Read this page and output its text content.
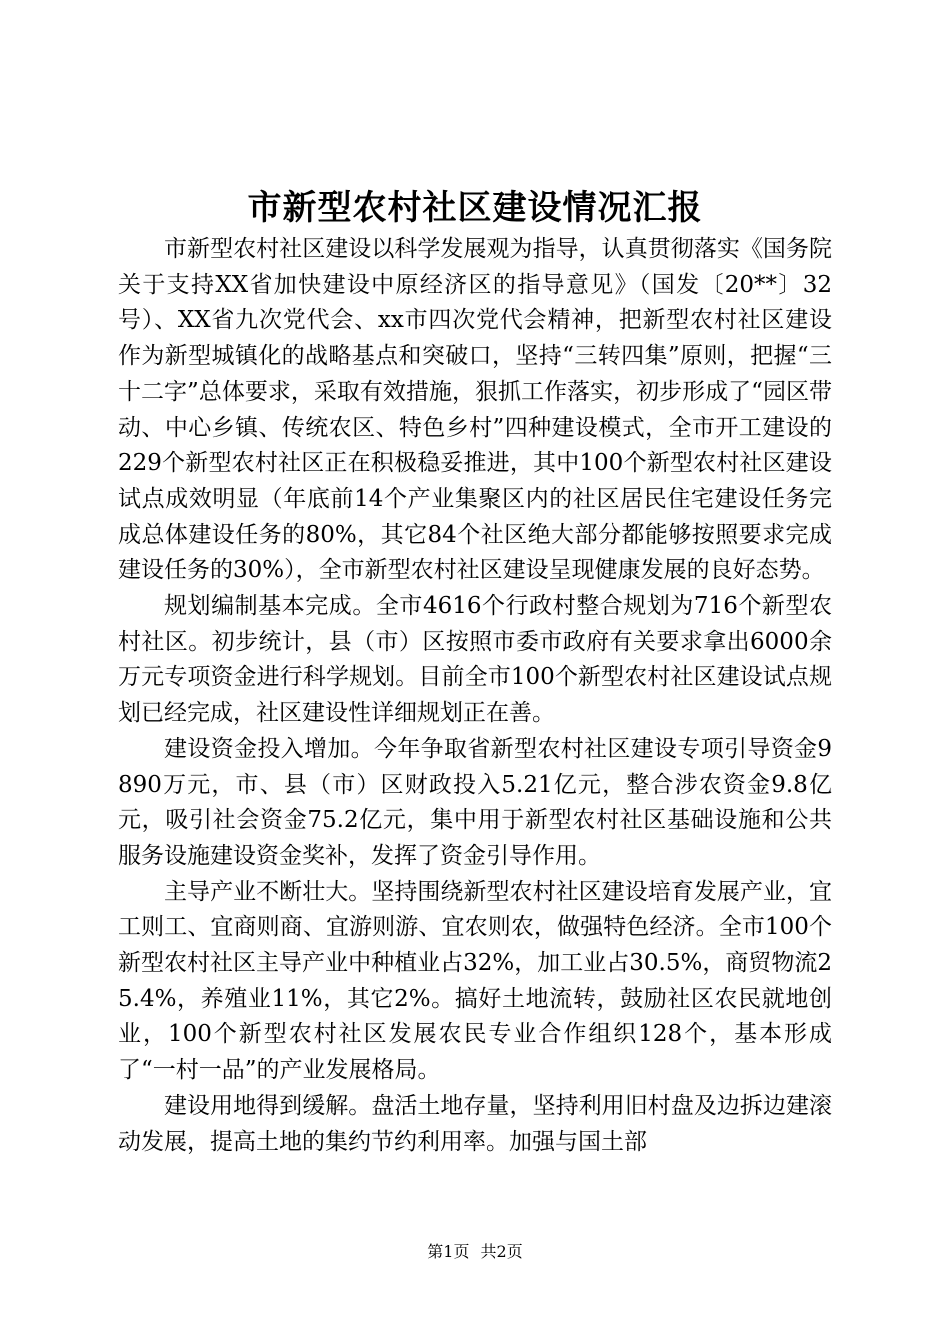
市新型农村社区建设情况汇报

市新型农村社区建设以科学发展观为指导，认真贯彻落实《国务院关于支持XX省加快建设中原经济区的指导意见》（国发〔20**〕32号）、XX省九次党代会、xx市四次党代会精神，把新型农村社区建设作为新型城镇化的战略基点和突破口，坚持“三转四集”原则，把握“三十二字”总体要求，采取有效措施，狠抓工作落实，初步形成了“园区带动、中心乡镇、传统农区、特色乡村”四种建设模式，全市开工建设的229个新型农村社区正在积极稳妥推进，其中100个新型农村社区建设试点成效明显（年底前14个产业集聚区内的社区居民住宅建设任务完成总体建设任务的80%，其它84个社区绝大部分都能够按照要求完成建设任务的30%），全市新型农村社区建设呈现健康发展的良好态势。

规划编制基本完成。全市4616个行政村整合规划为716个新型农村社区。初步统计，县（市）区按照市委市政府有关要求拿出6000余万元专项资金进行科学规划。目前全市100个新型农村社区建设试点规划已经完成，社区建设性详细规划正在善。

建设资金投入增加。今年争取省新型农村社区建设专项引导资金9890万元，市、县（市）区财政投入5.21亿元，整合涉农资金9.8亿元，吸引社会资金75.2亿元，集中用于新型农村社区基础设施和公共服务设施建设资金奖补，发挥了资金引导作用。

主导产业不断壮大。坚持围绕新型农村社区建设培育发展产业，宜工则工、宜商则商、宜游则游、宜农则农，做强特色经济。全市100个新型农村社区主导产业中种植业占32%，加工业占30.5%，商贸物流25.4%，养殖业11%，其它2%。搞好土地流转，鼓励社区农民就地创业，100个新型农村社区发展农民专业合作组织128个，基本形成了“一村一品”的产业发展格局。

建设用地得到缓解。盘活土地存量，坚持利用旧村盘及边拆边建滚动发展，提高土地的集约节约利用率。加强与国土部

第1页 共2页
